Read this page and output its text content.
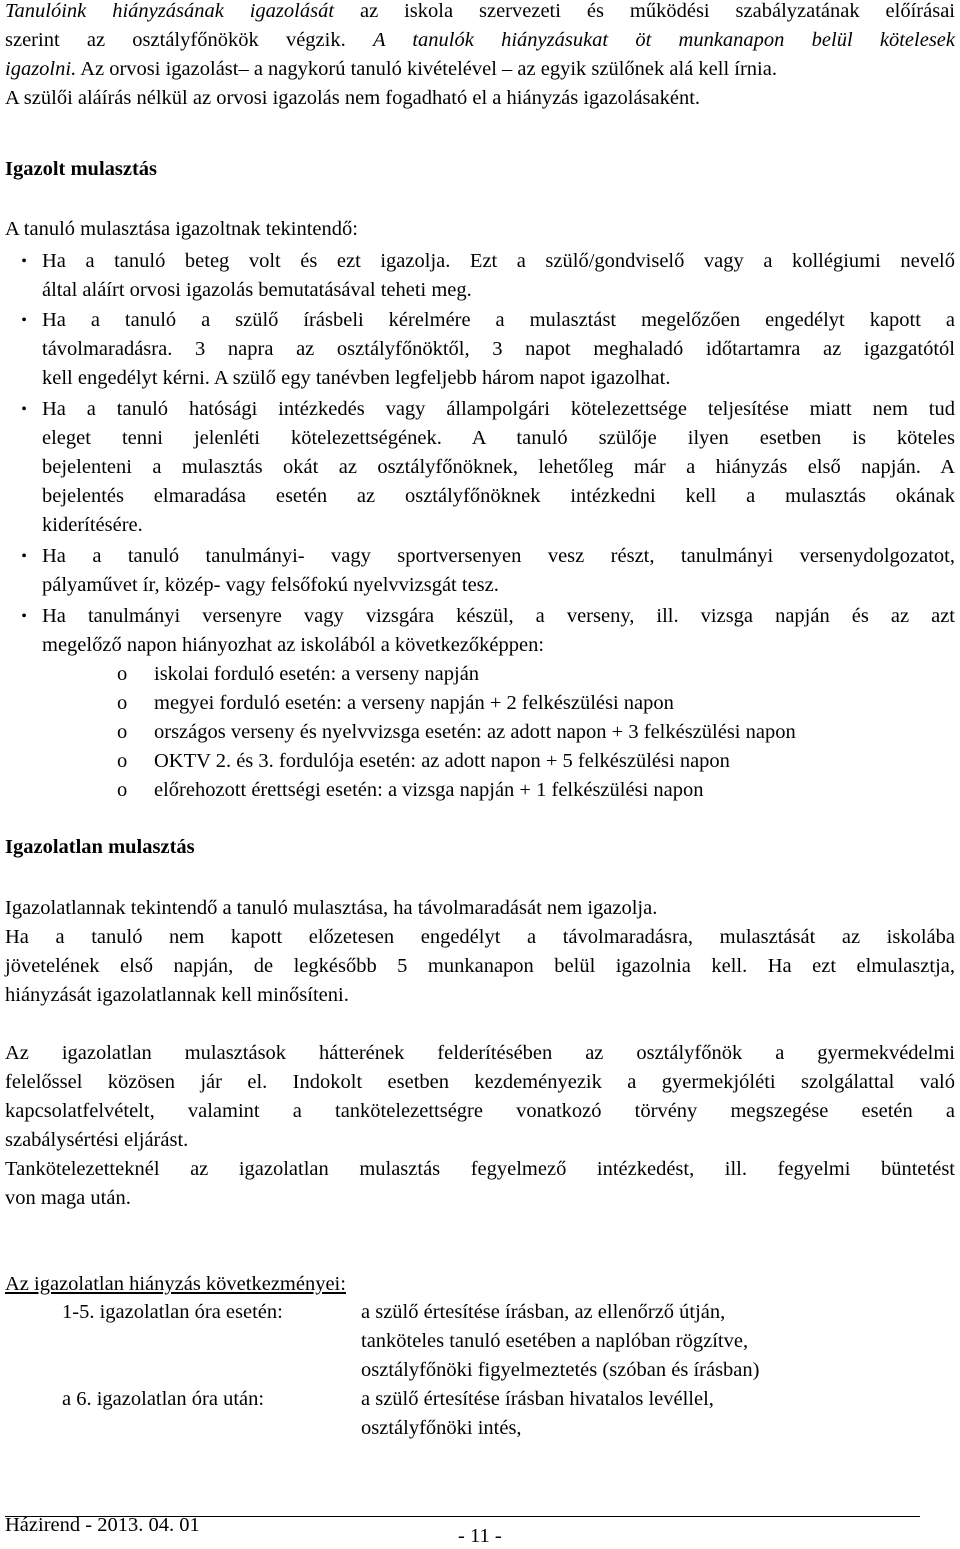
Tanulóink hiányzásának igazolását az iskola szervezeti és működési szabályzatának előírásai
szerint az osztályfőnökök végzik. A tanulók hiányzásukat öt munkanapon belül kötelesek
igazolni. Az orvosi igazolást– a nagykorú tanuló kivételével – az egyik szülőnek alá kell írnia.
A szülői aláírás nélkül az orvosi igazolás nem fogadható el a hiányzás igazolásaként.
Igazolt mulasztás
A tanuló mulasztása igazoltnak tekintendő:
• Ha a tanuló beteg volt és ezt igazolja. Ezt a szülő/gondviselő vagy a kollégiumi nevelő
által aláírt orvosi igazolás bemutatásával teheti meg.
• Ha a tanuló a szülő írásbeli kérelmére a mulasztást megelőzően engedélyt kapott a
távolmaradásra. 3 napra az osztályfőnöktől, 3 napot meghaladó időtartamra az igazgatótól
kell engedélyt kérni. A szülő egy tanévben legfeljebb három napot igazolhat.
• Ha a tanuló hatósági intézkedés vagy állampolgári kötelezettsége teljesítése miatt nem tud
eleget tenni jelenléti kötelezettségének. A tanuló szülője ilyen esetben is köteles
bejelenteni a mulasztás okát az osztályfőnöknek, lehetőleg már a hiányzás első napján. A
bejelentés elmaradása esetén az osztályfőnöknek intézkedni kell a mulasztás okának
kiderítésére.
• Ha a tanuló tanulmányi- vagy sportversenyen vesz részt, tanulmányi versenydolgozatot,
pályaművet ír, közép- vagy felsőfokú nyelvvizsgát tesz.
• Ha tanulmányi versenyre vagy vizsgára készül, a verseny, ill. vizsga napján és az azt
megelőző napon hiányozhat az iskolából a következőképpen:
o iskolai forduló esetén: a verseny napján
o megyei forduló esetén: a verseny napján + 2 felkészülési napon
o országos verseny és nyelvvizsga esetén: az adott napon + 3 felkészülési napon
o OKTV 2. és 3. fordulója esetén: az adott napon + 5 felkészülési napon
o előrehozott érettségi esetén: a vizsga napján + 1 felkészülési napon
Igazolatlan mulasztás
Igazolatlannak tekintendő a tanuló mulasztása, ha távolmaradását nem igazolja.
Ha a tanuló nem kapott előzetesen engedélyt a távolmaradásra, mulasztását az iskolába
jövetelének első napján, de legkésőbb 5 munkanapon belül igazolnia kell. Ha ezt elmulasztja,
hiányzását igazolatlannak kell minősíteni.
Az igazolatlan mulasztások hátterének felderítésében az osztályfőnök a gyermekvédelmi
felelőssel közösen jár el. Indokolt esetben kezdeményezik a gyermekjóléti szolgálattal való
kapcsolatfelvételt, valamint a tankötelezettségre vonatkozó törvény megszegése esetén a
szabálysértési eljárást.
Tankötelezetteknél az igazolatlan mulasztás fegyelmező intézkedést, ill. fegyelmi büntetést
von maga után.
Az igazolatlan hiányzás következményei:
1-5. igazolatlan óra esetén:	a szülő értesítése írásban, az ellenőrző útján,
tanköteles tanuló esetében a naplóban rögzítve,
osztályfőnöki figyelmeztetés (szóban és írásban)
a 6. igazolatlan óra után:	a szülő értesítése írásban hivatalos levéllel,
osztályfőnöki intés,
Házirend - 2013. 04. 01	- 11 -
